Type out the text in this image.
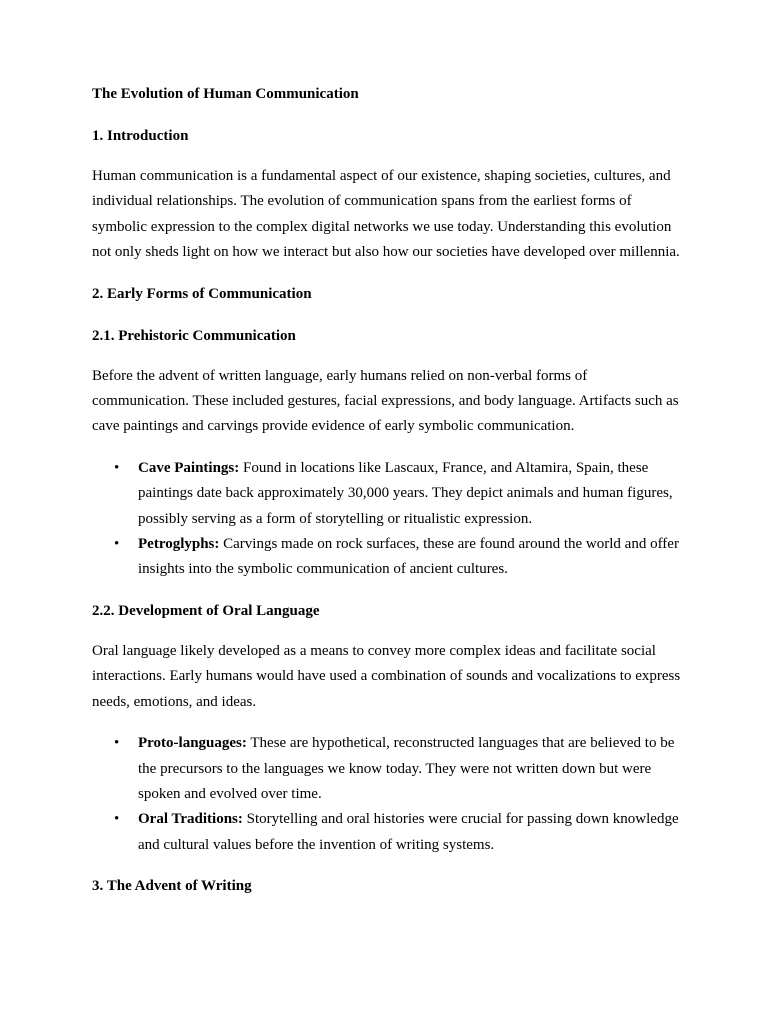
The Evolution of Human Communication

1. Introduction

Human communication is a fundamental aspect of our existence, shaping societies, cultures, and individual relationships. The evolution of communication spans from the earliest forms of symbolic expression to the complex digital networks we use today. Understanding this evolution not only sheds light on how we interact but also how our societies have developed over millennia.

2. Early Forms of Communication

2.1. Prehistoric Communication

Before the advent of written language, early humans relied on non-verbal forms of communication. These included gestures, facial expressions, and body language. Artifacts such as cave paintings and carvings provide evidence of early symbolic communication.

• Cave Paintings: Found in locations like Lascaux, France, and Altamira, Spain, these paintings date back approximately 30,000 years. They depict animals and human figures, possibly serving as a form of storytelling or ritualistic expression.
• Petroglyphs: Carvings made on rock surfaces, these are found around the world and offer insights into the symbolic communication of ancient cultures.

2.2. Development of Oral Language

Oral language likely developed as a means to convey more complex ideas and facilitate social interactions. Early humans would have used a combination of sounds and vocalizations to express needs, emotions, and ideas.

• Proto-languages: These are hypothetical, reconstructed languages that are believed to be the precursors to the languages we know today. They were not written down but were spoken and evolved over time.
• Oral Traditions: Storytelling and oral histories were crucial for passing down knowledge and cultural values before the invention of writing systems.

3. The Advent of Writing
